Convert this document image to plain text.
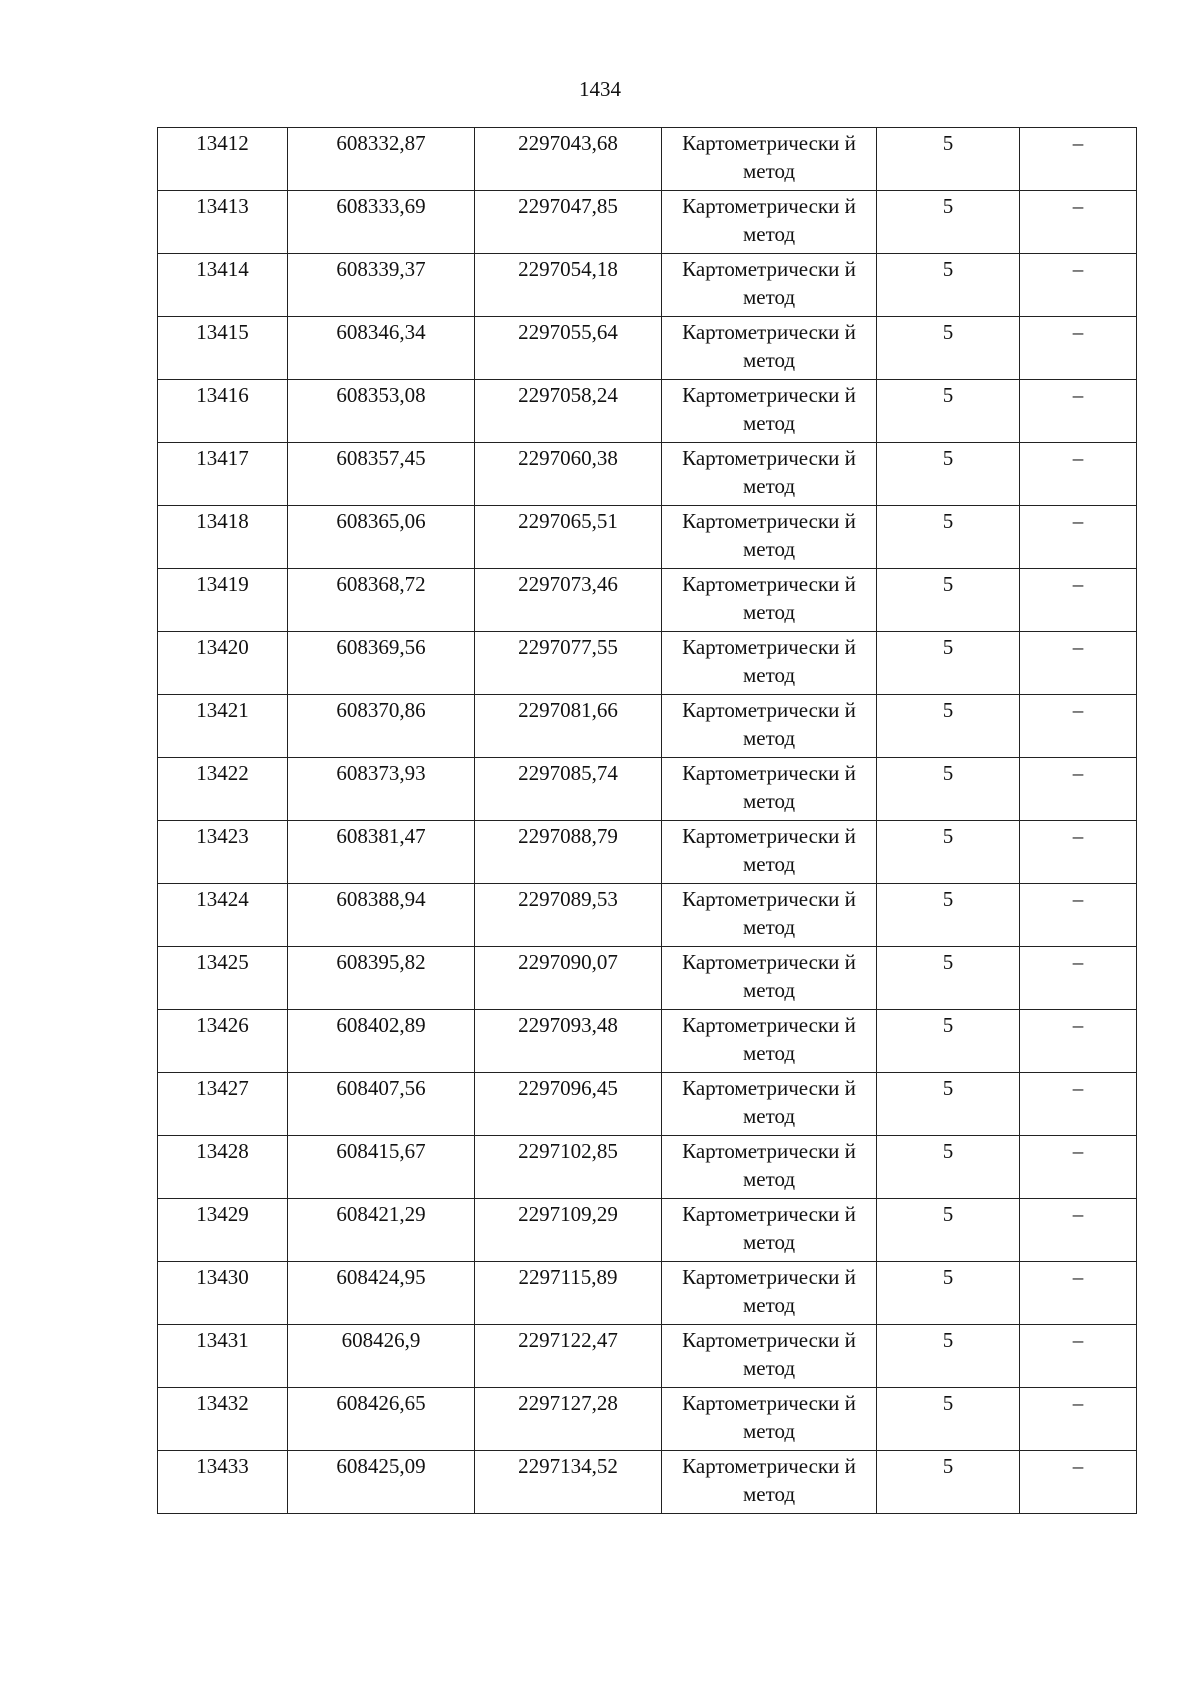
1434
13412	608332,87	2297043,68	Картометрически й метод	5	–
13413	608333,69	2297047,85	Картометрически й метод	5	–
13414	608339,37	2297054,18	Картометрически й метод	5	–
13415	608346,34	2297055,64	Картометрически й метод	5	–
13416	608353,08	2297058,24	Картометрически й метод	5	–
13417	608357,45	2297060,38	Картометрически й метод	5	–
13418	608365,06	2297065,51	Картометрически й метод	5	–
13419	608368,72	2297073,46	Картометрически й метод	5	–
13420	608369,56	2297077,55	Картометрически й метод	5	–
13421	608370,86	2297081,66	Картометрически й метод	5	–
13422	608373,93	2297085,74	Картометрически й метод	5	–
13423	608381,47	2297088,79	Картометрически й метод	5	–
13424	608388,94	2297089,53	Картометрически й метод	5	–
13425	608395,82	2297090,07	Картометрически й метод	5	–
13426	608402,89	2297093,48	Картометрически й метод	5	–
13427	608407,56	2297096,45	Картометрически й метод	5	–
13428	608415,67	2297102,85	Картометрически й метод	5	–
13429	608421,29	2297109,29	Картометрически й метод	5	–
13430	608424,95	2297115,89	Картометрически й метод	5	–
13431	608426,9	2297122,47	Картометрически й метод	5	–
13432	608426,65	2297127,28	Картометрически й метод	5	–
13433	608425,09	2297134,52	Картометрически й метод	5	–
